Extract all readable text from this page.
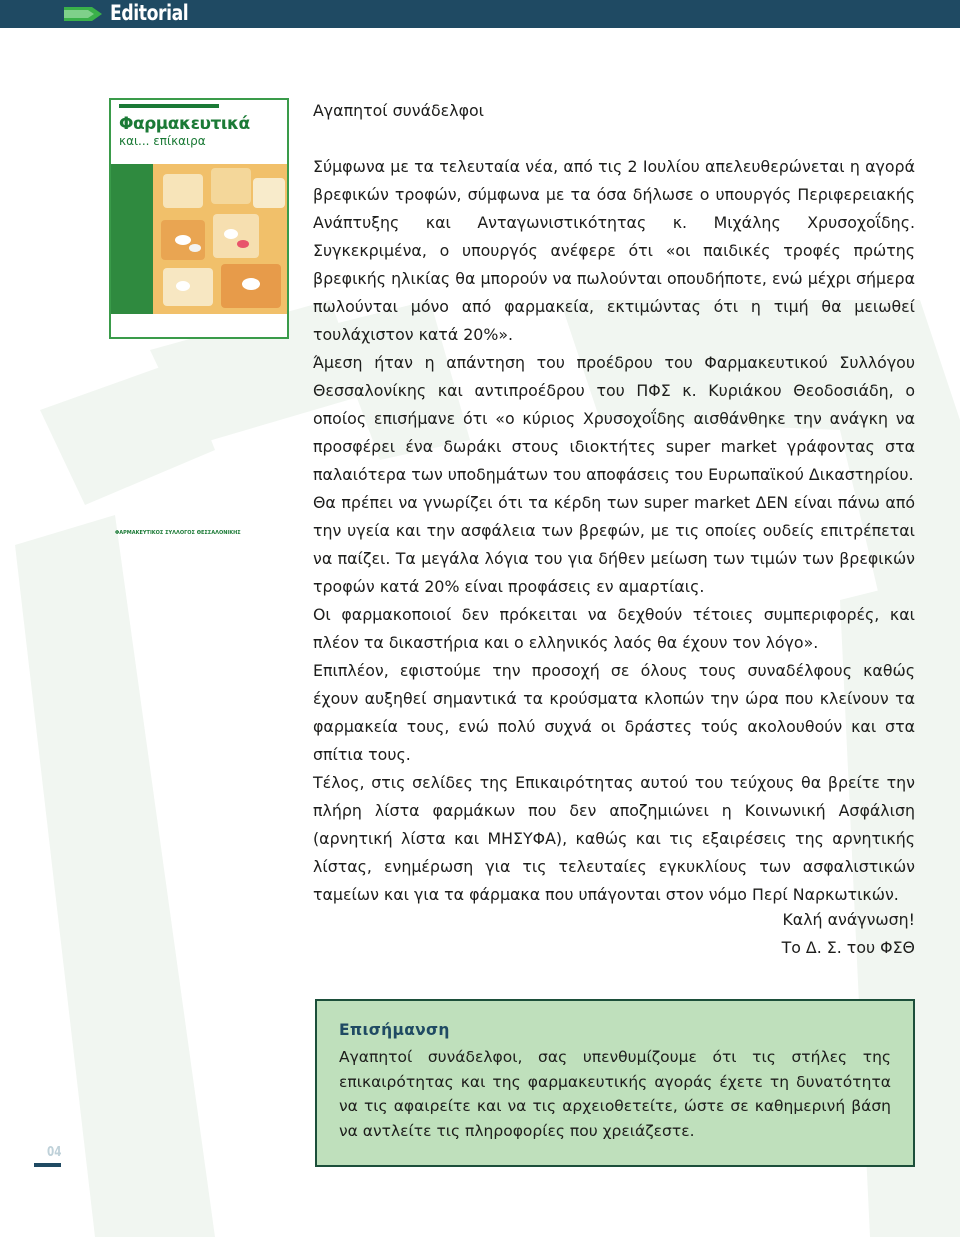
Editorial
Φαρμακευτικά
και... επίκαιρα
ΦΑΡΜΑΚΕΥΤΙΚΟΣ ΣΥΛΛΟΓΟΣ ΘΕΣΣΑΛΟΝΙΚΗΣ

Αγαπητοί συνάδελφοι

Σύμφωνα με τα τελευταία νέα, από τις 2 Ιουλίου απελευθερώνεται η αγορά βρεφικών τροφών, σύμφωνα με τα όσα δήλωσε ο υπουργός Περιφερειακής Ανάπτυξης και Ανταγωνιστικότητας κ. Μιχάλης Χρυσοχοΐδης. Συγκεκριμένα, ο υπουργός ανέφερε ότι «οι παιδικές τροφές πρώτης βρεφικής ηλικίας θα μπορούν να πωλούνται οπουδήποτε, ενώ μέχρι σήμερα πωλούνται μόνο από φαρμακεία, εκτιμώντας ότι η τιμή θα μειωθεί τουλάχιστον κατά 20%».

Άμεση ήταν η απάντηση του προέδρου του Φαρμακευτικού Συλλόγου Θεσσαλονίκης και αντιπροέδρου του ΠΦΣ κ. Κυριάκου Θεοδοσιάδη, ο οποίος επισήμανε ότι «ο κύριος Χρυσοχοΐδης αισθάνθηκε την ανάγκη να προσφέρει ένα δωράκι στους ιδιοκτήτες super market γράφοντας στα παλαιότερα των υποδημάτων του αποφάσεις του Ευρωπαϊκού Δικαστηρίου.

Θα πρέπει να γνωρίζει ότι τα κέρδη των super market ΔΕΝ είναι πάνω από την υγεία και την ασφάλεια των βρεφών, με τις οποίες ουδείς επιτρέπεται να παίζει. Τα μεγάλα λόγια του για δήθεν μείωση των τιμών των βρεφικών τροφών κατά 20% είναι προφάσεις εν αμαρτίαις.

Οι φαρμακοποιοί δεν πρόκειται να δεχθούν τέτοιες συμπεριφορές, και πλέον τα δικαστήρια και ο ελληνικός λαός θα έχουν τον λόγο».

Επιπλέον, εφιστούμε την προσοχή σε όλους τους συναδέλφους καθώς έχουν αυξηθεί σημαντικά τα κρούσματα κλοπών την ώρα που κλείνουν τα φαρμακεία τους, ενώ πολύ συχνά οι δράστες τούς ακολουθούν και στα σπίτια τους.

Τέλος, στις σελίδες της Επικαιρότητας αυτού του τεύχους θα βρείτε την πλήρη λίστα φαρμάκων που δεν αποζημιώνει η Κοινωνική Ασφάλιση (αρνητική λίστα και ΜΗΣΥΦΑ), καθώς και τις εξαιρέσεις της αρνητικής λίστας, ενημέρωση για τις τελευταίες εγκυκλίους των ασφαλιστικών ταμείων και για τα φάρμακα που υπάγονται στον νόμο Περί Ναρκωτικών.

Καλή ανάγνωση!
Το Δ. Σ. του ΦΣΘ

Επισήμανση

Αγαπητοί συνάδελφοι, σας υπενθυμίζουμε ότι τις στήλες της επικαιρότητας και της φαρμακευτικής αγοράς έχετε τη δυνατότητα να τις αφαιρείτε και να τις αρχειοθετείτε, ώστε σε καθημερινή βάση να αντλείτε τις πληροφορίες που χρειάζεστε.

04
